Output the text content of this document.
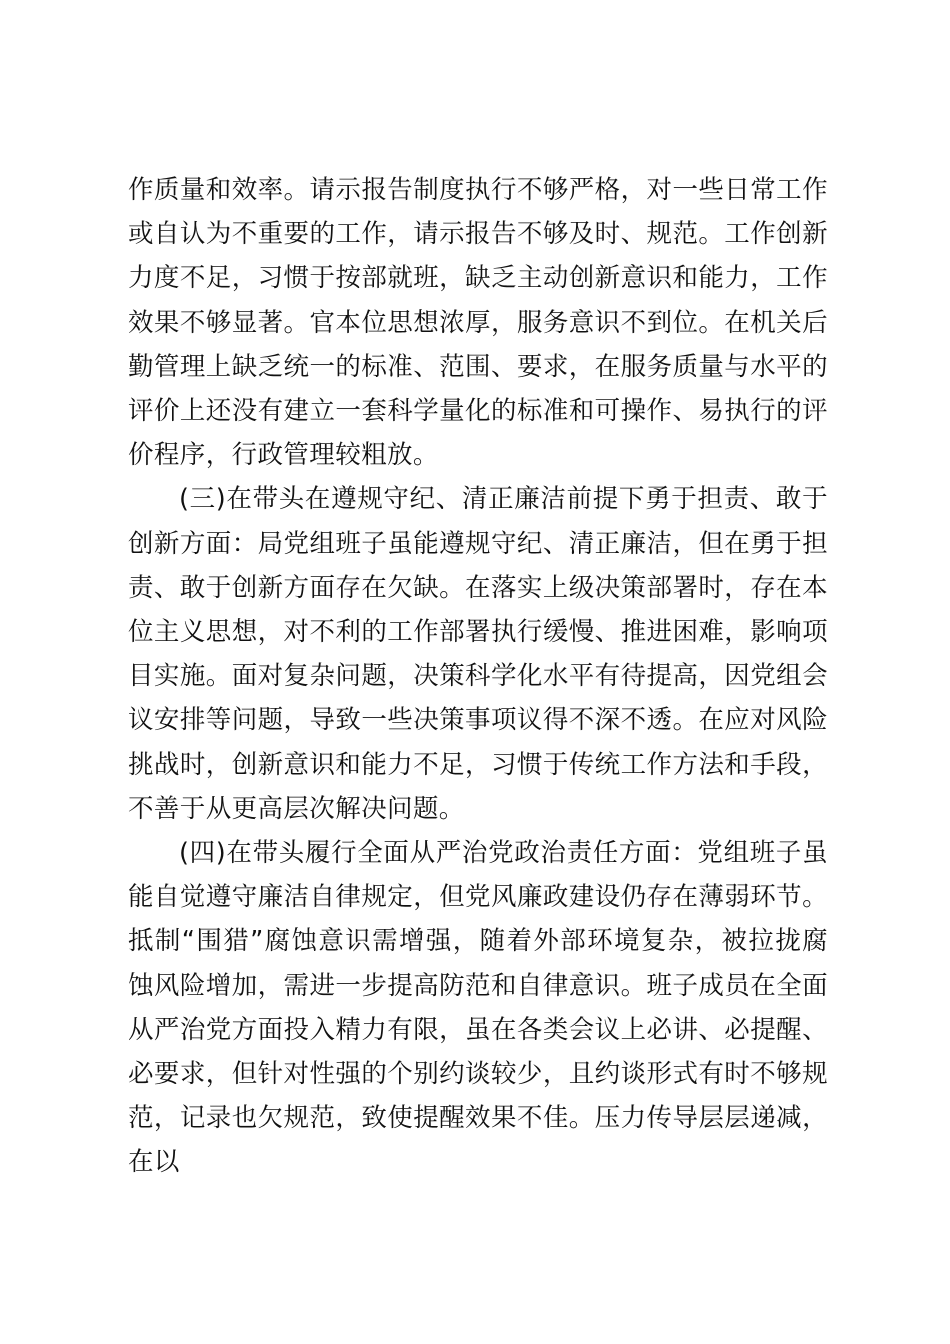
作质量和效率。请示报告制度执行不够严格，对一些日常工作或自认为不重要的工作，请示报告不够及时、规范。工作创新力度不足，习惯于按部就班，缺乏主动创新意识和能力，工作效果不够显著。官本位思想浓厚，服务意识不到位。在机关后勤管理上缺乏统一的标准、范围、要求，在服务质量与水平的评价上还没有建立一套科学量化的标准和可操作、易执行的评价程序，行政管理较粗放。

(三)在带头在遵规守纪、清正廉洁前提下勇于担责、敢于创新方面：局党组班子虽能遵规守纪、清正廉洁，但在勇于担责、敢于创新方面存在欠缺。在落实上级决策部署时，存在本位主义思想，对不利的工作部署执行缓慢、推进困难，影响项目实施。面对复杂问题，决策科学化水平有待提高，因党组会议安排等问题，导致一些决策事项议得不深不透。在应对风险挑战时，创新意识和能力不足，习惯于传统工作方法和手段，不善于从更高层次解决问题。

(四)在带头履行全面从严治党政治责任方面：党组班子虽能自觉遵守廉洁自律规定，但党风廉政建设仍存在薄弱环节。抵制“围猎”腐蚀意识需增强，随着外部环境复杂，被拉拢腐蚀风险增加，需进一步提高防范和自律意识。班子成员在全面从严治党方面投入精力有限，虽在各类会议上必讲、必提醒、必要求，但针对性强的个别约谈较少，且约谈形式有时不够规范，记录也欠规范，致使提醒效果不佳。压力传导层层递减，在以
